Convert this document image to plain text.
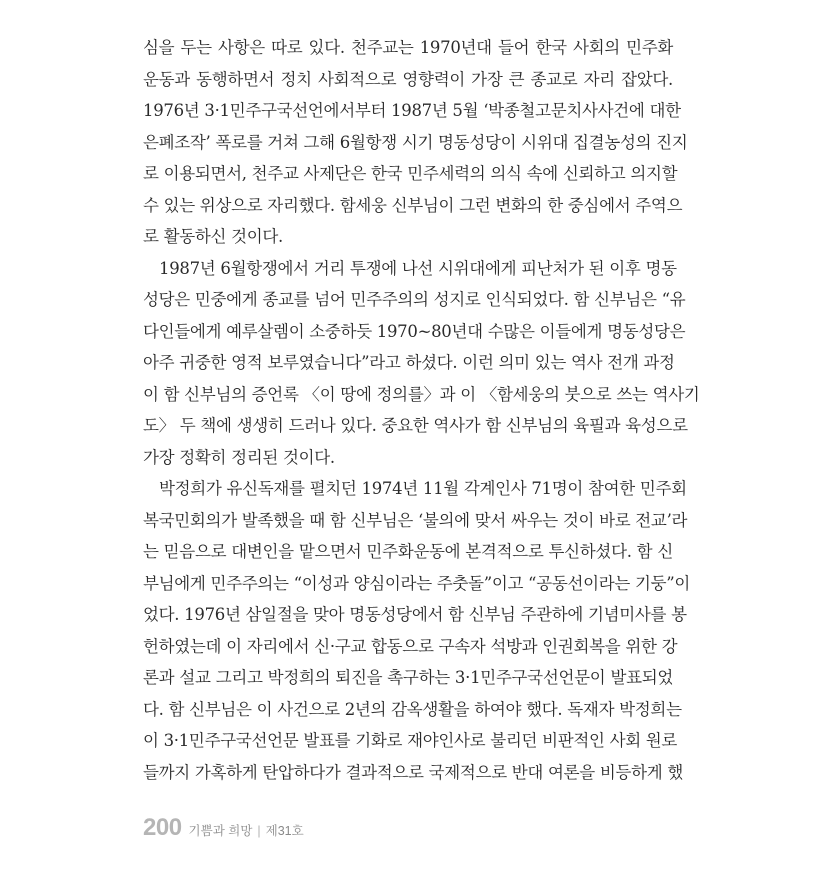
심을 두는 사항은 따로 있다. 천주교는 1970년대 들어 한국 사회의 민주화
운동과 동행하면서 정치 사회적으로 영향력이 가장 큰 종교로 자리 잡았다.
1976년 3·1민주구국선언에서부터 1987년 5월 ‘박종철고문치사사건에 대한
은폐조작’ 폭로를 거쳐 그해 6월항쟁 시기 명동성당이 시위대 집결농성의 진지
로 이용되면서, 천주교 사제단은 한국 민주세력의 의식 속에 신뢰하고 의지할
수 있는 위상으로 자리했다. 함세웅 신부님이 그런 변화의 한 중심에서 주역으
로 활동하신 것이다.
1987년 6월항쟁에서 거리 투쟁에 나선 시위대에게 피난처가 된 이후 명동
성당은 민중에게 종교를 넘어 민주주의의 성지로 인식되었다. 함 신부님은 “유
다인들에게 예루살렘이 소중하듯 1970~80년대 수많은 이들에게 명동성당은
아주 귀중한 영적 보루였습니다”라고 하셨다. 이런 의미 있는 역사 전개 과정
이 함 신부님의 증언록 〈이 땅에 정의를〉과 이 〈함세웅의 붓으로 쓰는 역사기
도〉 두 책에 생생히 드러나 있다. 중요한 역사가 함 신부님의 육필과 육성으로
가장 정확히 정리된 것이다.
박정희가 유신독재를 펼치던 1974년 11월 각계인사 71명이 참여한 민주회
복국민회의가 발족했을 때 함 신부님은 ‘불의에 맞서 싸우는 것이 바로 전교’라
는 믿음으로 대변인을 맡으면서 민주화운동에 본격적으로 투신하셨다. 함 신
부님에게 민주주의는 “이성과 양심이라는 주춧돌”이고 “공동선이라는 기둥”이
었다. 1976년 삼일절을 맞아 명동성당에서 함 신부님 주관하에 기념미사를 봉
헌하였는데 이 자리에서 신·구교 합동으로 구속자 석방과 인권회복을 위한 강
론과 설교 그리고 박정희의 퇴진을 촉구하는 3·1민주구국선언문이 발표되었
다. 함 신부님은 이 사건으로 2년의 감옥생활을 하여야 했다. 독재자 박정희는
이 3·1민주구국선언문 발표를 기화로 재야인사로 불리던 비판적인 사회 원로
들까지 가혹하게 탄압하다가 결과적으로 국제적으로 반대 여론을 비등하게 했
200 기쁨과 희망 | 제31호
